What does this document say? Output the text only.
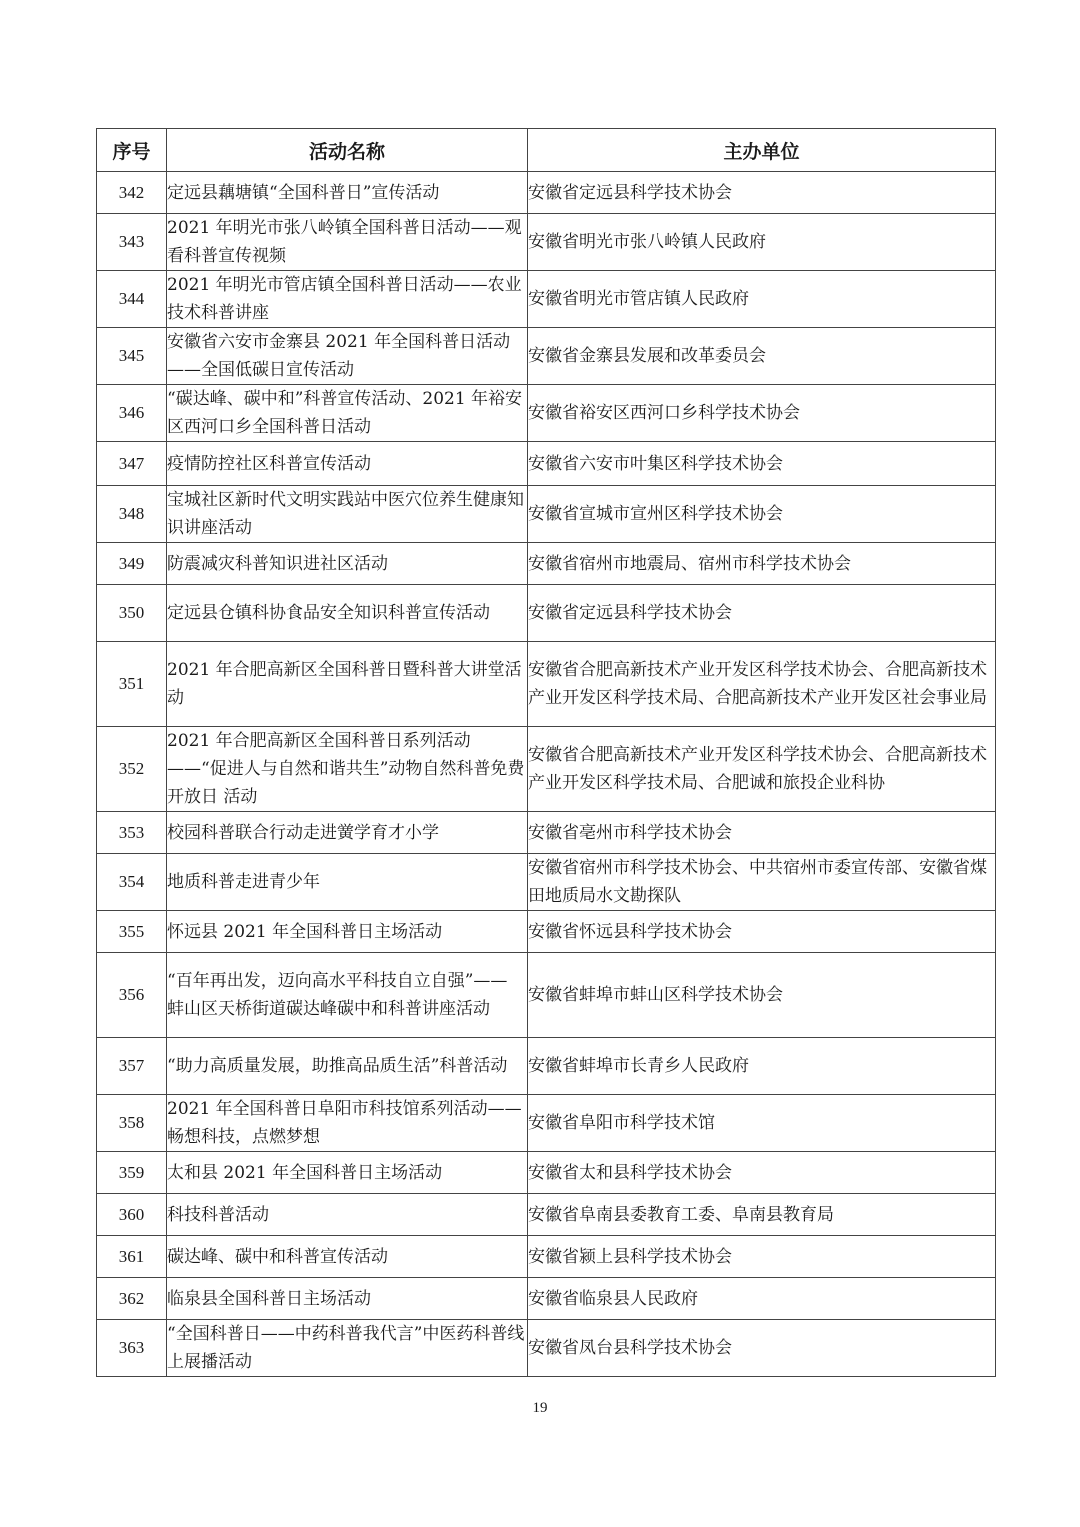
序号	活动名称	主办单位
342	定远县藕塘镇“全国科普日”宣传活动	安徽省定远县科学技术协会
343	2021 年明光市张八岭镇全国科普日活动——观看科普宣传视频	安徽省明光市张八岭镇人民政府
344	2021 年明光市管店镇全国科普日活动——农业技术科普讲座	安徽省明光市管店镇人民政府
345	安徽省六安市金寨县 2021 年全国科普日活动——全国低碳日宣传活动	安徽省金寨县发展和改革委员会
346	“碳达峰、碳中和”科普宣传活动、2021 年裕安区西河口乡全国科普日活动	安徽省裕安区西河口乡科学技术协会
347	疫情防控社区科普宣传活动	安徽省六安市叶集区科学技术协会
348	宝城社区新时代文明实践站中医穴位养生健康知识讲座活动	安徽省宣城市宣州区科学技术协会
349	防震减灾科普知识进社区活动	安徽省宿州市地震局、宿州市科学技术协会
350	定远县仓镇科协食品安全知识科普宣传活动	安徽省定远县科学技术协会
351	2021 年合肥高新区全国科普日暨科普大讲堂活动	安徽省合肥高新技术产业开发区科学技术协会、合肥高新技术产业开发区科学技术局、合肥高新技术产业开发区社会事业局
352	2021 年合肥高新区全国科普日系列活动——“促进人与自然和谐共生”动物自然科普免费开放日 活动	安徽省合肥高新技术产业开发区科学技术协会、合肥高新技术产业开发区科学技术局、合肥诚和旅投企业科协
353	校园科普联合行动走进黉学育才小学	安徽省亳州市科学技术协会
354	地质科普走进青少年	安徽省宿州市科学技术协会、中共宿州市委宣传部、安徽省煤田地质局水文勘探队
355	怀远县 2021 年全国科普日主场活动	安徽省怀远县科学技术协会
356	“百年再出发，迈向高水平科技自立自强”—— 蚌山区天桥街道碳达峰碳中和科普讲座活动	安徽省蚌埠市蚌山区科学技术协会
357	“助力高质量发展，助推高品质生活”科普活动	安徽省蚌埠市长青乡人民政府
358	2021 年全国科普日阜阳市科技馆系列活动——畅想科技，点燃梦想	安徽省阜阳市科学技术馆
359	太和县 2021 年全国科普日主场活动	安徽省太和县科学技术协会
360	科技科普活动	安徽省阜南县委教育工委、阜南县教育局
361	碳达峰、碳中和科普宣传活动	安徽省颍上县科学技术协会
362	临泉县全国科普日主场活动	安徽省临泉县人民政府
363	“全国科普日——中药科普我代言”中医药科普线上展播活动	安徽省凤台县科学技术协会
19
